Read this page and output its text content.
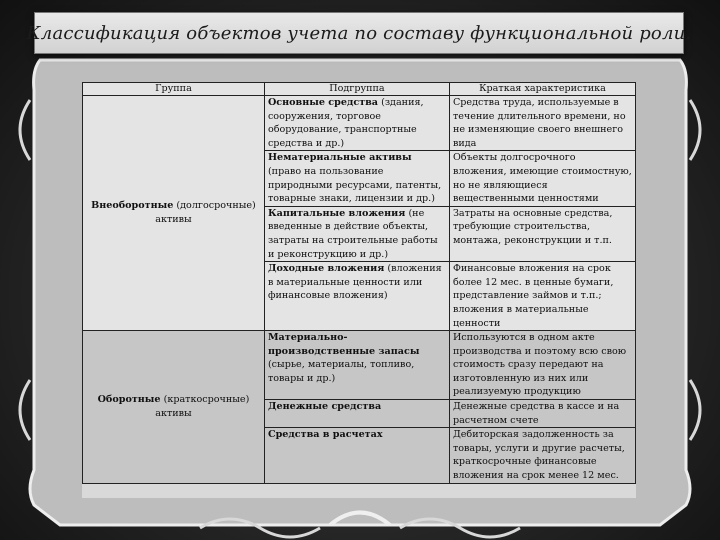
Классификация объектов учета по составу функциональной роли.
Группа	Подгруппа	Краткая характеристика
Внеоборотные (долгосрочные) активы	Основные средства (здания, сооружения, торговое оборудование, транспортные средства и др.)	Средства труда, используемые в течение длительного времени, но не изменяющие своего внешнего вида
	Нематериальные активы (право на пользование природными ресурсами, патенты, товарные знаки, лицензии и др.)	Объекты долгосрочного вложения, имеющие стоимостную, но не являющиеся вещественными ценностями
	Капитальные вложения (не введенные в действие объекты, затраты на строительные работы и реконструкцию и др.)	Затраты на основные средства, требующие строительства, монтажа, реконструкции и т.п.
	Доходные вложения (вложения в материальные ценности или финансовые вложения)	Финансовые вложения на срок более 12 мес. в ценные бумаги, представление займов и т.п.; вложения в материальные ценности
Оборотные (краткосрочные) активы	Материально-производственные запасы (сырье, материалы, топливо, товары и др.)	Используются в одном акте производства и поэтому всю свою стоимость сразу передают на изготовленную из них или реализуемую продукцию
	Денежные средства	Денежные средства в кассе и на расчетном счете
	Средства в расчетах	Дебиторская задолженность за товары, услуги и другие расчеты, краткосрочные финансовые вложения на срок менее 12 мес.
